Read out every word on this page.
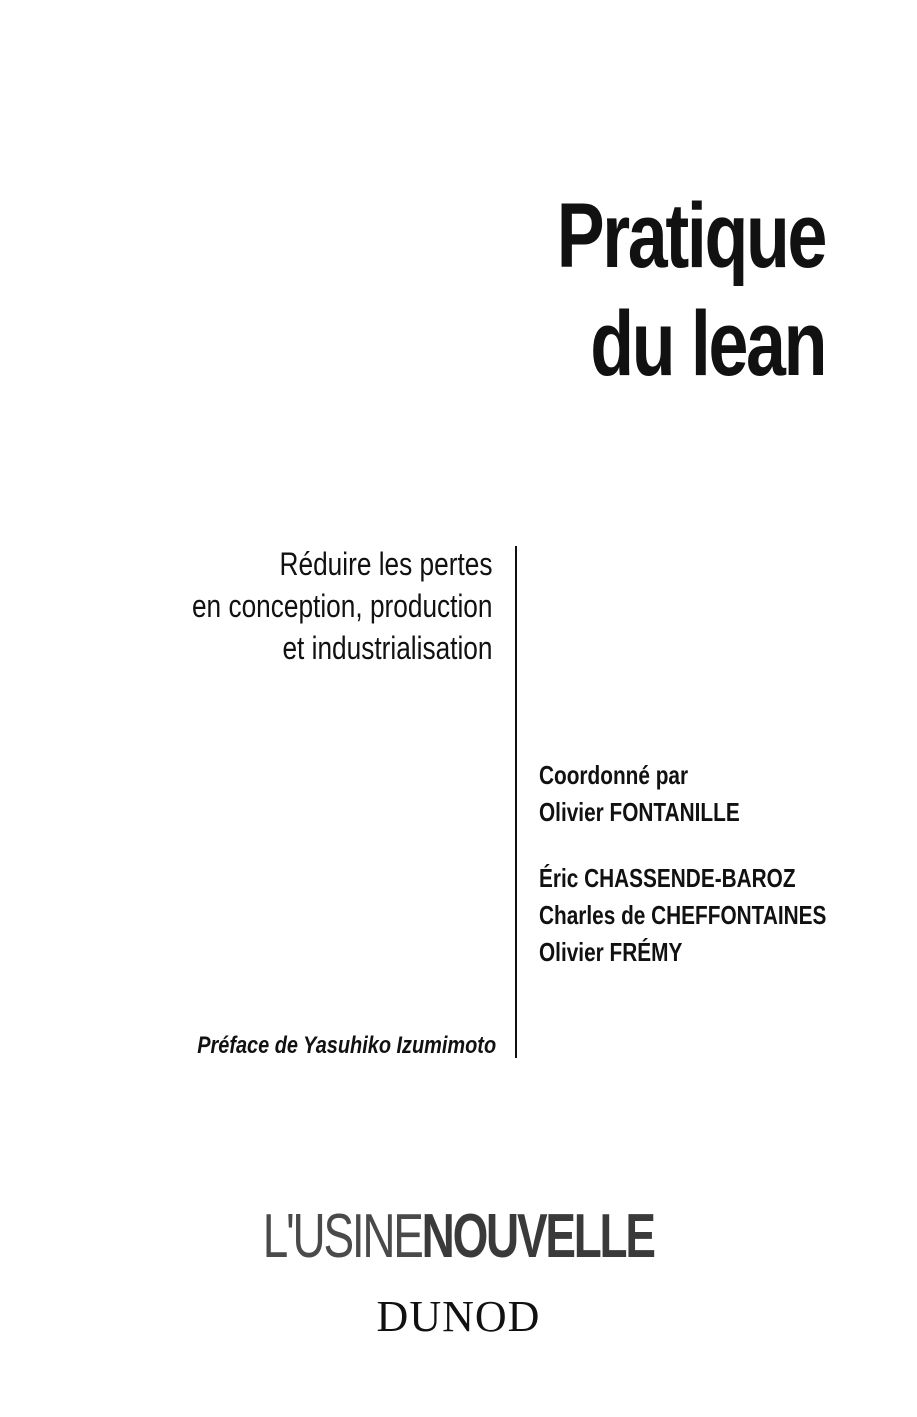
Pratique
du lean
Réduire les pertes
en conception, production
et industrialisation
Coordonné par
Olivier FONTANILLE
Éric CHASSENDE-BAROZ
Charles de CHEFFONTAINES
Olivier FRÉMY
Préface de Yasuhiko Izumimoto
L'USINENOUVELLE
DUNOD
